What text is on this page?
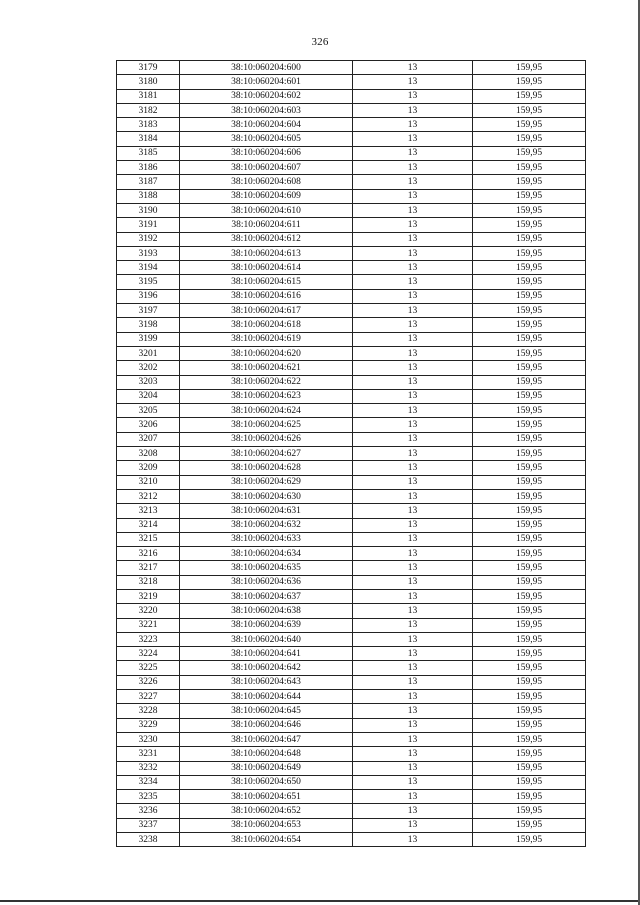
326
3179	38:10:060204:600	13	159,95
3180	38:10:060204:601	13	159,95
3181	38:10:060204:602	13	159,95
3182	38:10:060204:603	13	159,95
3183	38:10:060204:604	13	159,95
3184	38:10:060204:605	13	159,95
3185	38:10:060204:606	13	159,95
3186	38:10:060204:607	13	159,95
3187	38:10:060204:608	13	159,95
3188	38:10:060204:609	13	159,95
3190	38:10:060204:610	13	159,95
3191	38:10:060204:611	13	159,95
3192	38:10:060204:612	13	159,95
3193	38:10:060204:613	13	159,95
3194	38:10:060204:614	13	159,95
3195	38:10:060204:615	13	159,95
3196	38:10:060204:616	13	159,95
3197	38:10:060204:617	13	159,95
3198	38:10:060204:618	13	159,95
3199	38:10:060204:619	13	159,95
3201	38:10:060204:620	13	159,95
3202	38:10:060204:621	13	159,95
3203	38:10:060204:622	13	159,95
3204	38:10:060204:623	13	159,95
3205	38:10:060204:624	13	159,95
3206	38:10:060204:625	13	159,95
3207	38:10:060204:626	13	159,95
3208	38:10:060204:627	13	159,95
3209	38:10:060204:628	13	159,95
3210	38:10:060204:629	13	159,95
3212	38:10:060204:630	13	159,95
3213	38:10:060204:631	13	159,95
3214	38:10:060204:632	13	159,95
3215	38:10:060204:633	13	159,95
3216	38:10:060204:634	13	159,95
3217	38:10:060204:635	13	159,95
3218	38:10:060204:636	13	159,95
3219	38:10:060204:637	13	159,95
3220	38:10:060204:638	13	159,95
3221	38:10:060204:639	13	159,95
3223	38:10:060204:640	13	159,95
3224	38:10:060204:641	13	159,95
3225	38:10:060204:642	13	159,95
3226	38:10:060204:643	13	159,95
3227	38:10:060204:644	13	159,95
3228	38:10:060204:645	13	159,95
3229	38:10:060204:646	13	159,95
3230	38:10:060204:647	13	159,95
3231	38:10:060204:648	13	159,95
3232	38:10:060204:649	13	159,95
3234	38:10:060204:650	13	159,95
3235	38:10:060204:651	13	159,95
3236	38:10:060204:652	13	159,95
3237	38:10:060204:653	13	159,95
3238	38:10:060204:654	13	159,95
